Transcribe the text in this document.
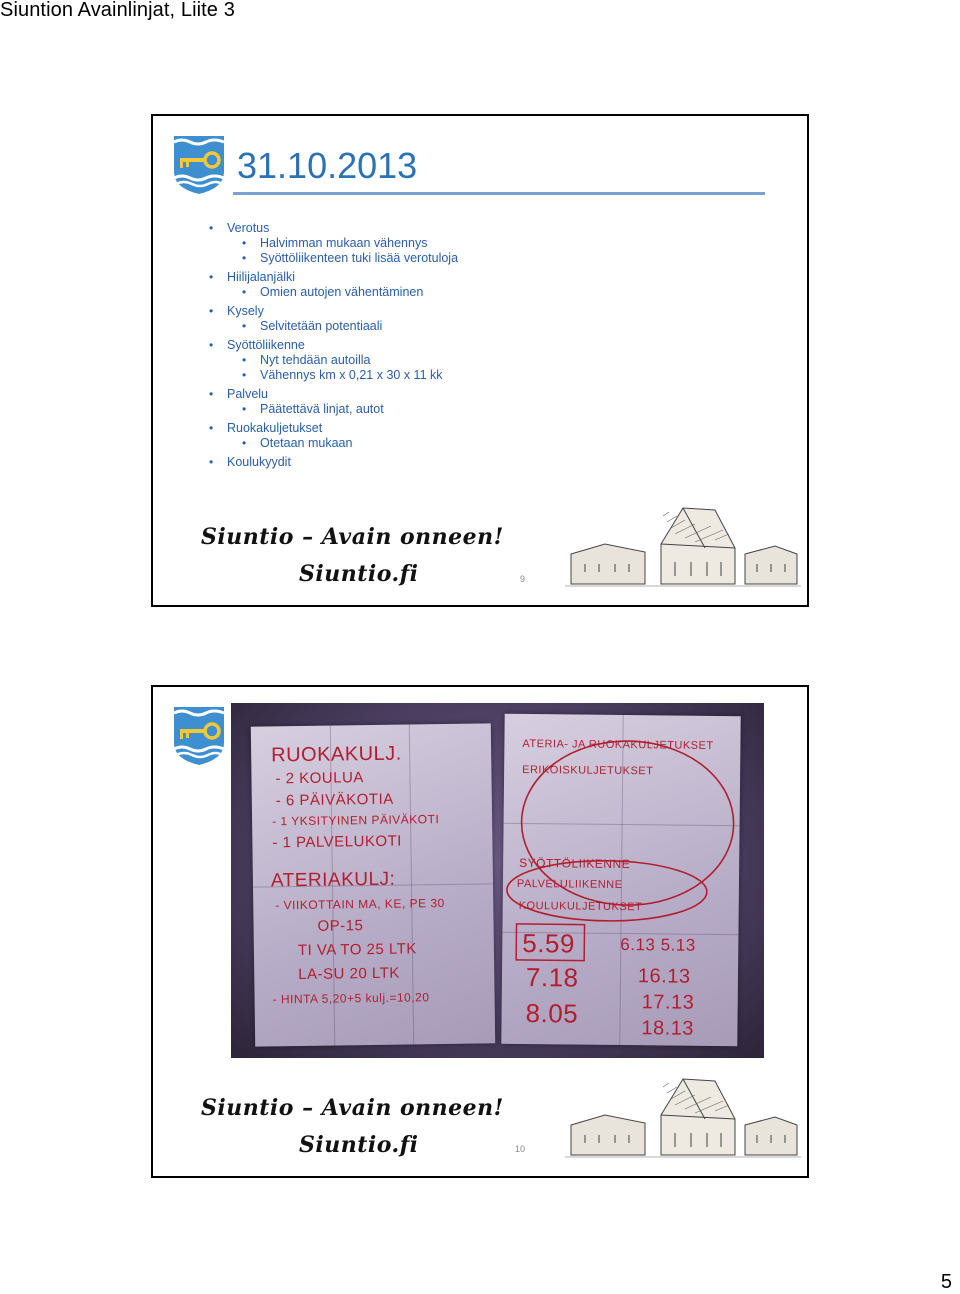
Siuntion Avainlinjat, Liite 3
31.10.2013
• Verotus
• Halvimman mukaan vähennys
• Syöttöliikenteen tuki lisää verotuloja
• Hiilijalanjälki
• Omien autojen vähentäminen
• Kysely
• Selvitetään potentiaali
• Syöttöliikenne
• Nyt tehdään autoilla
• Vähennys km x 0,21 x 30 x 11 kk
• Palvelu
• Päätettävä linjat, autot
• Ruokakuljetukset
• Otetaan mukaan
• Koulukyydit
Siuntio – Avain onneen!
Siuntio.fi	9
RUOKAKULJ.
- 2 KOULUA
- 6 PÄIVÄKOTIA
- 1 YKSITYINEN PÄIVÄKOTI
- 1 PALVELUKOTI
ATERIAKULJ:
- VIIKOTTAIN MA, KE, PE 30
OP-15
TI VA TO 25 LTK
LA-SU 20 LTK
- HINTA 5,20+5 kulj.=10,20
ATERIA- JA RUOKAKULJETUKSET
ERIKOISKULJETUKSET
SYÖTTÖLIIKENNE
PALVELULIIKENNE
KOULUKULJETUKSET
5.59
7.18
8.05
6.13 5.13
16.13
17.13
18.13
Siuntio – Avain onneen!
Siuntio.fi	10
5
